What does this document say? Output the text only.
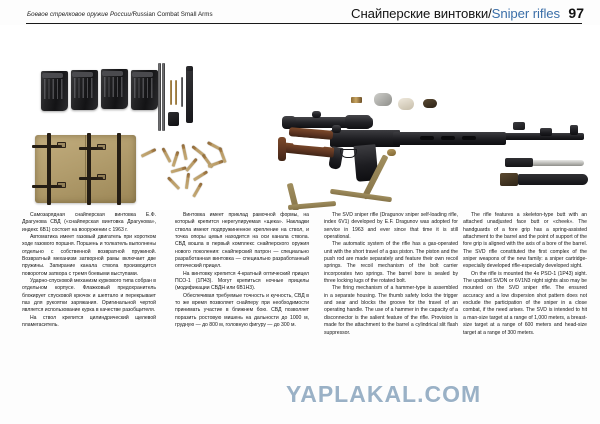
Боевое стрелковое оружие России/Russian Combat Small Arms	Снайперские винтовки/Sniper rifles 97

Самозарядная снайперская винтовка Е.Ф. Драгунова СВД («снайперская винтовка Драгунова», индекс 6В1) состоит на вооружении с 1963 г.

Автоматика имеет газовый двигатель при коротком ходе газового поршня. Поршень и толкатель выполнены отдельно с собственной возвратной пружиной. Возвратный механизм затворной рамы включает две пружины. Запирание канала ствола производится поворотом затвора с тремя боевыми выступами.

Ударно-спусковой механизм куркового типа собран в отдельном корпусе. Флажковый предохранитель блокирует спусковой крючок и шептало и перекрывает паз для рукоятки заряжания. Оригинальной чертой является использование курка в качестве разобщителя.

На ствол крепится цилиндрический щелевой пламегаситель.

Винтовка имеет приклад рамочной формы, на который крепится нерегулируемая «щека». Накладки ствола имеют подпружиненное крепление на ствол, и точка опоры цевья находится на оси канала ствола. СВД вошла в первый комплекс снайперского оружия нового поколения: снайперский патрон — специально разработанная винтовка — специально разработанный оптический прицел.

На винтовку крепится 4-кратный оптический прицел ПСО-1 (1П43). Могут крепиться ночные прицелы (модификации СВДН или 6В1Н3).

Обеспечивая требуемые точность и кучность, СВД в то же время позволяет снайперу при необходимости принимать участие в ближнем бою. СВД позволяет поразить ростовую мишень на дальности до 1000 м, грудную — до 800 м, головную фигуру — до 300 м.

The SVD sniper rifle (Dragunov sniper self-loading rifle, index 6V1) developed by E.F. Dragunov was adopted for service in 1963 and ever since that time it is still operational.

The automatic system of the rifle has a gas-operated unit with the short travel of a gas piston. The piston and the push rod are made separately and feature their own recoil springs. The recoil mechanism of the bolt carrier incorporates two springs. The barrel bore is sealed by three locking lugs of the rotated bolt.

The firing mechanism of a hammer-type is assembled in a separate housing. The thumb safety locks the trigger and sear and blocks the groove for the travel of an operating handle. The use of a hammer in the capacity of a disconnector is the salient feature of the rifle. Provision is made for the attachment to the barrel a cylindrical slit flash suppressor.

The rifle features a skeleton-type butt with an attached unadjusted face butt or «cheek». The handguards of a fore grip has a spring-assisted attachment to the barrel and the point of support of the fore grip is aligned with the axis of a bore of the barrel. The SVD rifle constituted the first complex of the sniper weapons of the new family: a sniper cartridge-especially developed rifle-especially developed sight.

On the rifle is mounted the 4x PSO-1 (1P43) sight. The updated SVDN or 6V1N3 night sights also may be mounted on the SVD sniper rifle. The ensured accuracy and a low dispersion shot pattern does not exclude the participation of the sniper in a close combat, if the need arises. The SVD is intended to hit a man-size target at a range of 1,000 meters, a breast-size target at a range of 600 meters and head-size target at a range of 300 meters.

YAPLAKAL.COM
